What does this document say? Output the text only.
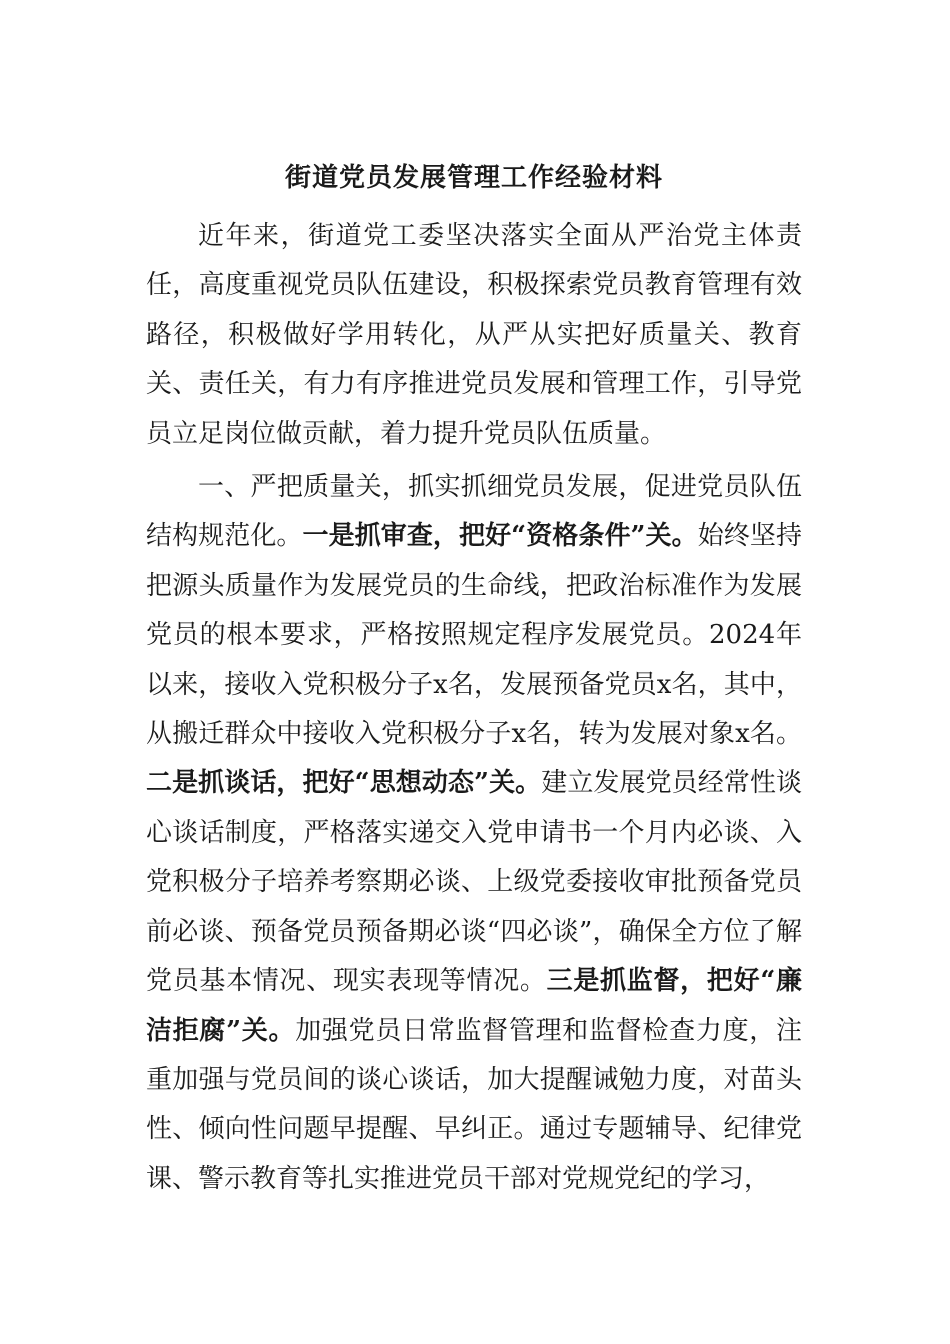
街道党员发展管理工作经验材料

近年来，街道党工委坚决落实全面从严治党主体责任，高度重视党员队伍建设，积极探索党员教育管理有效路径，积极做好学用转化，从严从实把好质量关、教育关、责任关，有力有序推进党员发展和管理工作，引导党员立足岗位做贡献，着力提升党员队伍质量。

一、严把质量关，抓实抓细党员发展，促进党员队伍结构规范化。一是抓审查，把好“资格条件”关。始终坚持把源头质量作为发展党员的生命线，把政治标准作为发展党员的根本要求，严格按照规定程序发展党员。2024年以来，接收入党积极分子x名，发展预备党员x名，其中，从搬迁群众中接收入党积极分子x名，转为发展对象x名。二是抓谈话，把好“思想动态”关。建立发展党员经常性谈心谈话制度，严格落实递交入党申请书一个月内必谈、入党积极分子培养考察期必谈、上级党委接收审批预备党员前必谈、预备党员预备期必谈“四必谈”，确保全方位了解党员基本情况、现实表现等情况。三是抓监督，把好“廉洁拒腐”关。加强党员日常监督管理和监督检查力度，注重加强与党员间的谈心谈话，加大提醒诫勉力度，对苗头性、倾向性问题早提醒、早纠正。通过专题辅导、纪律党课、警示教育等扎实推进党员干部对党规党纪的学习，
